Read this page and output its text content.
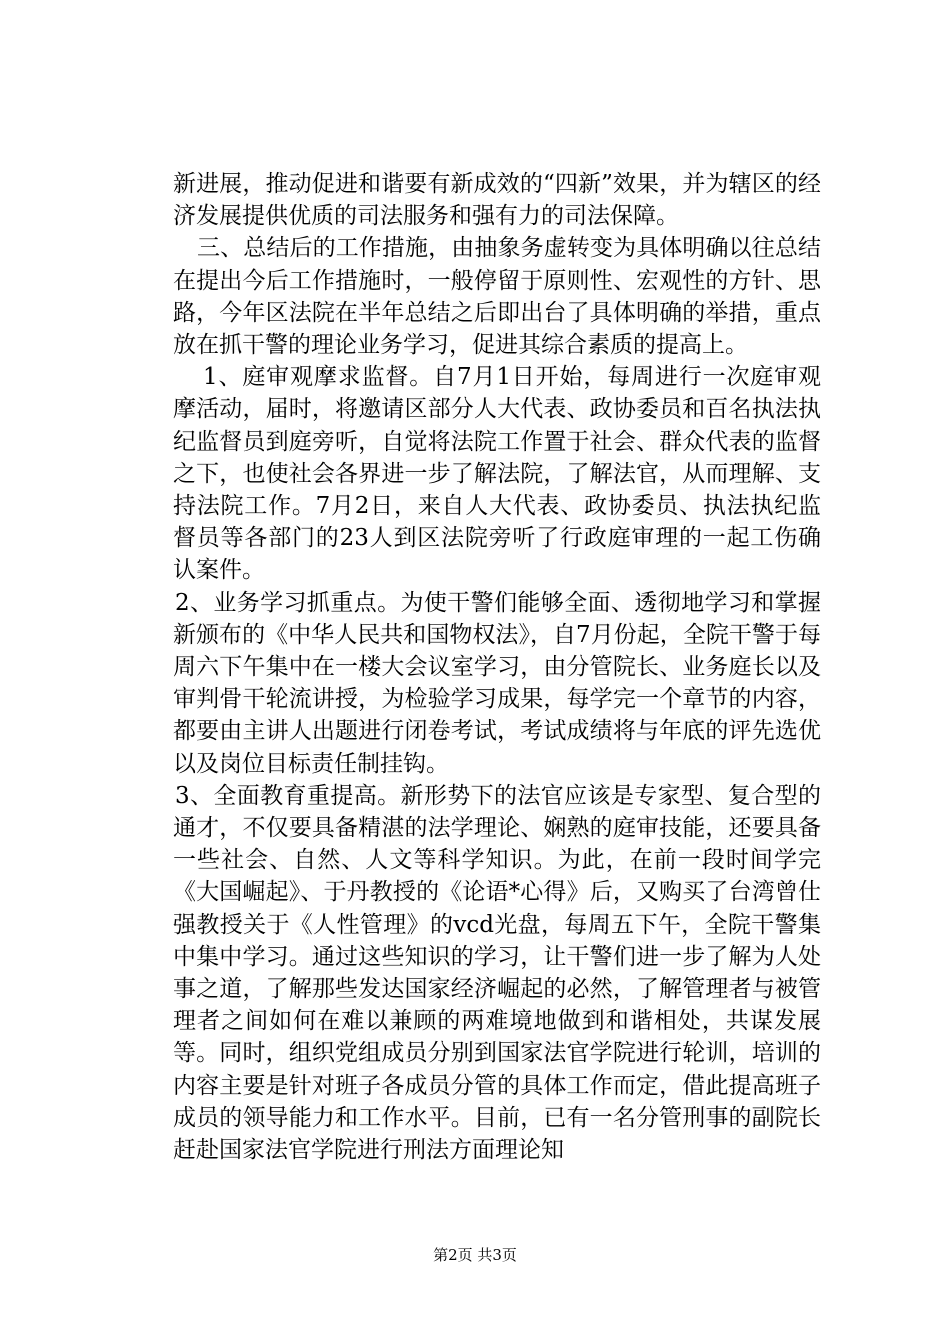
新进展，推动促进和谐要有新成效的“四新”效果，并为辖区的经济发展提供优质的司法服务和强有力的司法保障。

三、总结后的工作措施，由抽象务虚转变为具体明确以往总结在提出今后工作措施时，一般停留于原则性、宏观性的方针、思路，今年区法院在半年总结之后即出台了具体明确的举措，重点放在抓干警的理论业务学习，促进其综合素质的提高上。

1、庭审观摩求监督。自7月1日开始，每周进行一次庭审观摩活动，届时，将邀请区部分人大代表、政协委员和百名执法执纪监督员到庭旁听，自觉将法院工作置于社会、群众代表的监督之下，也使社会各界进一步了解法院，了解法官，从而理解、支持法院工作。7月2日，来自人大代表、政协委员、执法执纪监督员等各部门的23人到区法院旁听了行政庭审理的一起工伤确认案件。

2、业务学习抓重点。为使干警们能够全面、透彻地学习和掌握新颁布的《中华人民共和国物权法》，自7月份起，全院干警于每周六下午集中在一楼大会议室学习，由分管院长、业务庭长以及审判骨干轮流讲授，为检验学习成果，每学完一个章节的内容，都要由主讲人出题进行闭卷考试，考试成绩将与年底的评先选优以及岗位目标责任制挂钩。

3、全面教育重提高。新形势下的法官应该是专家型、复合型的通才，不仅要具备精湛的法学理论、娴熟的庭审技能，还要具备一些社会、自然、人文等科学知识。为此，在前一段时间学完《大国崛起》、于丹教授的《论语*心得》后，又购买了台湾曾仕强教授关于《人性管理》的vcd光盘，每周五下午，全院干警集中集中学习。通过这些知识的学习，让干警们进一步了解为人处事之道，了解那些发达国家经济崛起的必然，了解管理者与被管理者之间如何在难以兼顾的两难境地做到和谐相处，共谋发展等。同时，组织党组成员分别到国家法官学院进行轮训，培训的内容主要是针对班子各成员分管的具体工作而定，借此提高班子成员的领导能力和工作水平。目前，已有一名分管刑事的副院长赶赴国家法官学院进行刑法方面理论知

第2页 共3页
